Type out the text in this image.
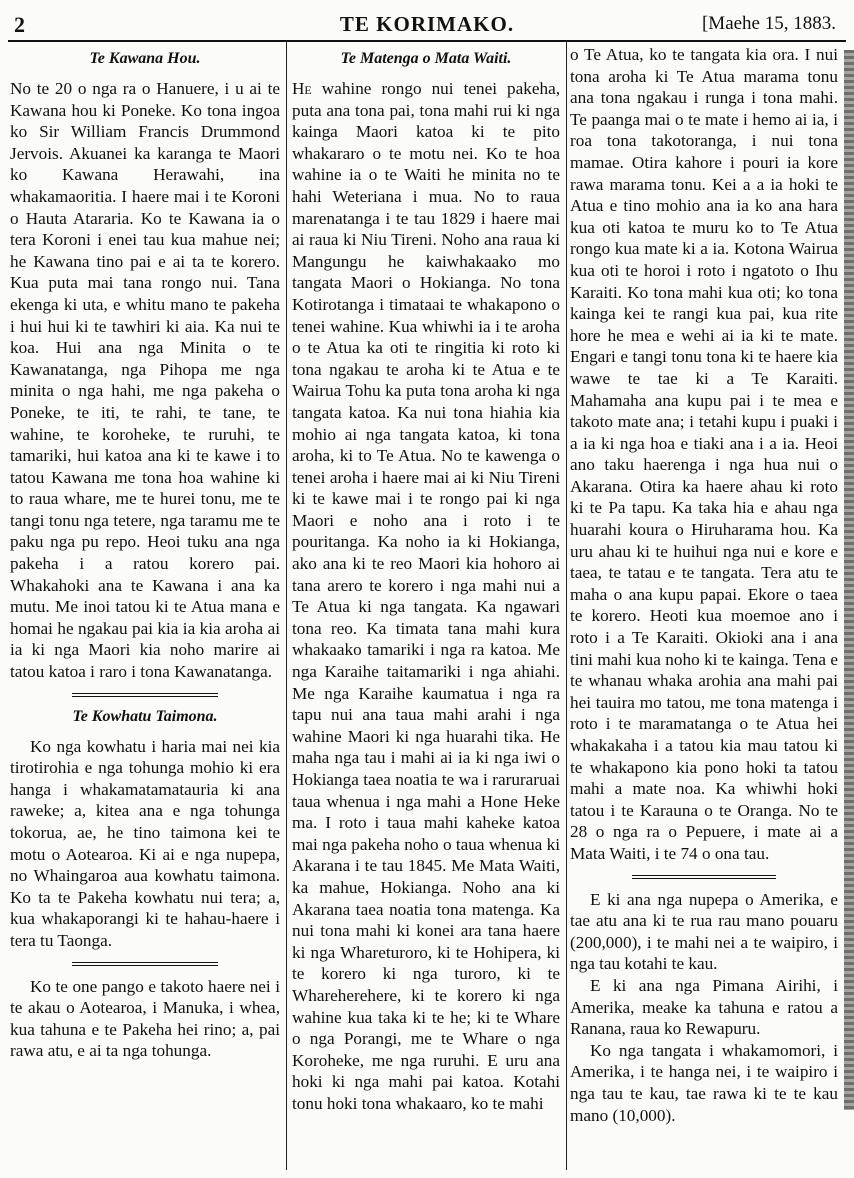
2	TE KORIMAKO.	[Maehe 15, 1883.
Te Kawana Hou.

No te 20 o nga ra o Hanuere, i u ai te Kawana hou ki Poneke. Ko tona ingoa ko Sir William Francis Drummond Jervois. Akuanei ka karanga te Maori ko Kawana Herawahi, ina whakamaoritia. I haere mai i te Koroni o Hauta Atararia. Ko te Kawana ia o tera Koroni i enei tau kua mahue nei; he Kawana tino pai e ai ta te korero. Kua puta mai tana rongo nui. Tana ekenga ki uta, e whitu mano te pakeha i hui hui ki te tawhiri ki aia. Ka nui te koa. Hui ana nga Minita o te Kawanatanga, nga Pihopa me nga minita o nga hahi, me nga pakeha o Poneke, te iti, te rahi, te tane, te wahine, te koroheke, te ruruhi, te tamariki, hui katoa ana ki te kawe i to tatou Kawana me tona hoa wahine ki to raua whare, me te hurei tonu, me te tangi tonu nga tetere, nga taramu me te paku nga pu repo. Heoi tuku ana nga pakeha i a ratou korero pai. Whakahoki ana te Kawana i ana ka mutu. Me inoi tatou ki te Atua mana e homai he ngakau pai kia ia kia aroha ai ia ki nga Maori kia noho marire ai tatou katoa i raro i tona Kawanatanga.

Te Kowhatu Taimona.

Ko nga kowhatu i haria mai nei kia tirotirohia e nga tohunga mohio ki era hanga i whakamatamatauria ki ana raweke; a, kitea ana e nga tohunga tokorua, ae, he tino taimona kei te motu o Aotearoa. Ki ai e nga nupepa, no Whaingaroa aua kowhatu taimona. Ko ta te Pakeha kowhatu nui tera; a, kua whakaporangi ki te hahau-haere i tera tu Taonga.

Ko te one pango e takoto haere nei i te akau o Aotearoa, i Manuka, i whea, kua tahuna e te Pakeha hei rino; a, pai rawa atu, e ai ta nga tohunga.

Te Matenga o Mata Waiti.

He wahine rongo nui tenei pakeha, puta ana tona pai, tona mahi rui ki nga kainga Maori katoa ki te pito whakararo o te motu nei. Ko te hoa wahine ia o te Waiti he minita no te hahi Weteriana i mua. No to raua marenatanga i te tau 1829 i haere mai ai raua ki Niu Tireni. Noho ana raua ki Mangungu he kaiwhakaako mo tangata Maori o Hokianga. No tona Kotirotanga i timataai te whakapono o tenei wahine. Kua whiwhi ia i te aroha o te Atua ka oti te ringitia ki roto ki tona ngakau te aroha ki te Atua e te Wairua Tohu ka puta tona aroha ki nga tangata katoa. Ka nui tona hiahia kia mohio ai nga tangata katoa, ki tona aroha, ki to Te Atua. No te kawenga o tenei aroha i haere mai ai ki Niu Tireni ki te kawe mai i te rongo pai ki nga Maori e noho ana i roto i te pouritanga. Ka noho ia ki Hokianga, ako ana ki te reo Maori kia hohoro ai tana arero te korero i nga mahi nui a Te Atua ki nga tangata. Ka ngawari tona reo. Ka timata tana mahi kura whakaako tamariki i nga ra katoa. Me nga Karaihe taitamariki i nga ahiahi. Me nga Karaihe kaumatua i nga ra tapu nui ana taua mahi arahi i nga wahine Maori ki nga huarahi tika. He maha nga tau i mahi ai ia ki nga iwi o Hokianga taea noatia te wa i raruraruai taua whenua i nga mahi a Hone Heke ma. I roto i taua mahi kaheke katoa mai nga pakeha noho o taua whenua ki Akarana i te tau 1845. Me Mata Waiti, ka mahue, Hokianga. Noho ana ki Akarana taea noatia tona matenga. Ka nui tona mahi ki konei ara tana haere ki nga Whareturoro, ki te Hohipera, ki te korero ki nga turoro, ki te Whareherehere, ki te korero ki nga wahine kua taka ki te he; ki te Whare o nga Porangi, me te Whare o nga Koroheke, me nga ruruhi. E uru ana hoki ki nga mahi pai katoa. Kotahi tonu hoki tona whakaaro, ko te mahi

o Te Atua, ko te tangata kia ora. I nui tona aroha ki Te Atua marama tonu ana tona ngakau i runga i tona mahi. Te paanga mai o te mate i hemo ai ia, i roa tona takotoranga, i nui tona mamae. Otira kahore i pouri ia kore rawa marama tonu. Kei a a ia hoki te Atua e tino mohio ana ia ko ana hara kua oti katoa te muru ko to Te Atua rongo kua mate ki a ia. Kotona Wairua kua oti te horoi i roto i ngatoto o Ihu Karaiti. Ko tona mahi kua oti; ko tona kainga kei te rangi kua pai, kua rite hore he mea e wehi ai ia ki te mate. Engari e tangi tonu tona ki te haere kia wawe te tae ki a Te Karaiti. Mahamaha ana kupu pai i te mea e takoto mate ana; i tetahi kupu i puaki i a ia ki nga hoa e tiaki ana i a ia. Heoi ano taku haerenga i nga hua nui o Akarana. Otira ka haere ahau ki roto ki te Pa tapu. Ka taka hia e ahau nga huarahi koura o Hiruharama hou. Ka uru ahau ki te huihui nga nui e kore e taea, te tatau e te tangata. Tera atu te maha o ana kupu papai. Ekore o taea te korero. Heoti kua moemoe ano i roto i a Te Karaiti. Okioki ana i ana tini mahi kua noho ki te kainga. Tena e te whanau whaka arohia ana mahi pai hei tauira mo tatou, me tona matenga i roto i te maramatanga o te Atua hei whakakaha i a tatou kia mau tatou ki te whakapono kia pono hoki ta tatou mahi a mate noa. Ka whiwhi hoki tatou i te Karauna o te Oranga. No te 28 o nga ra o Pepuere, i mate ai a Mata Waiti, i te 74 o ona tau.

E ki ana nga nupepa o Amerika, e tae atu ana ki te rua rau mano pouaru (200,000), i te mahi nei a te waipiro, i nga tau kotahi te kau.

E ki ana nga Pimana Airihi, i Amerika, meake ka tahuna e ratou a Ranana, raua ko Rewapuru.

Ko nga tangata i whakamomori, i Amerika, i te hanga nei, i te waipiro i nga tau te kau, tae rawa ki te te kau mano (10,000).
